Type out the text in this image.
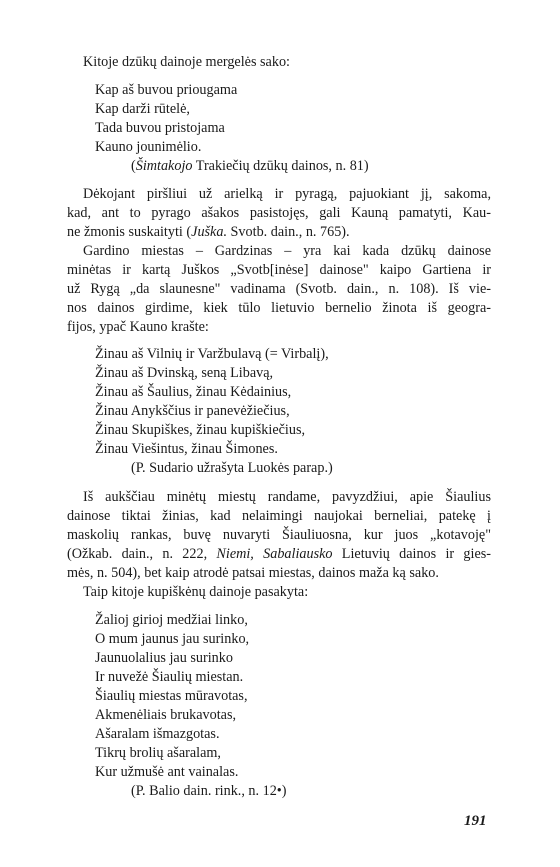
Kitoje dzūkų dainoje mergelės sako:

Kap aš buvou priougama
Kap darži rūtelė,
Tada buvou pristojama
Kauno jounimėlio.
(Šimtakojo Trakiečių dzūkų dainos, n. 81)
Dėkojant piršliui už arielką ir pyragą, pajuokiant jį, sakoma,
kad, ant to pyrago ašakos pasistojęs, gali Kauną pamatyti, Kau-
ne žmonis suskaityti (Juška. Svotb. dain., n. 765).
Gardino miestas – Gardzinas – yra kai kada dzūkų dainose
minėtas ir kartą Juškos „Svotb[inėse] dainose" kaipo Gartiena ir
už Rygą „da slaunesne" vadinama (Svotb. dain., n. 108). Iš vie-
nos dainos girdime, kiek tūlo lietuvio bernelio žinota iš geogra-
fijos, ypač Kauno krašte:
Žinau aš Vilnių ir Varžbulavą (= Virbalį),
Žinau aš Dvinską, seną Libavą,
Žinau aš Šaulius, žinau Kėdainius,
Žinau Anykščius ir panevėžiečius,
Žinau Skupiškes, žinau kupiškiečius,
Žinau Viešintus, žinau Šimones.
(P. Sudario užrašyta Luokės parap.)
Iš aukščiau minėtų miestų randame, pavyzdžiui, apie Šiaulius
dainose tiktai žinias, kad nelaimingi naujokai berneliai, patekę į
maskolių rankas, buvę nuvaryti Šiauliuosna, kur juos „kotavoję"
(Ožkab. dain., n. 222, Niemi, Sabaliausko Lietuvių dainos ir gies-
mės, n. 504), bet kaip atrodė patsai miestas, dainos maža ką sako.

Taip kitoje kupiškėnų dainoje pasakyta:

Žalioj girioj medžiai linko,
O mum jaunus jau surinko,
Jaunuolalius jau surinko
Ir nuvežė Šiaulių miestan.
Šiaulių miestas mūravotas,
Akmenėliais brukavotas,
Ašaralam išmazgotas.
Tikrų brolių ašaralam,
Kur užmušė ant vainalas.
(P. Balio dain. rink., n. 12•)
191
